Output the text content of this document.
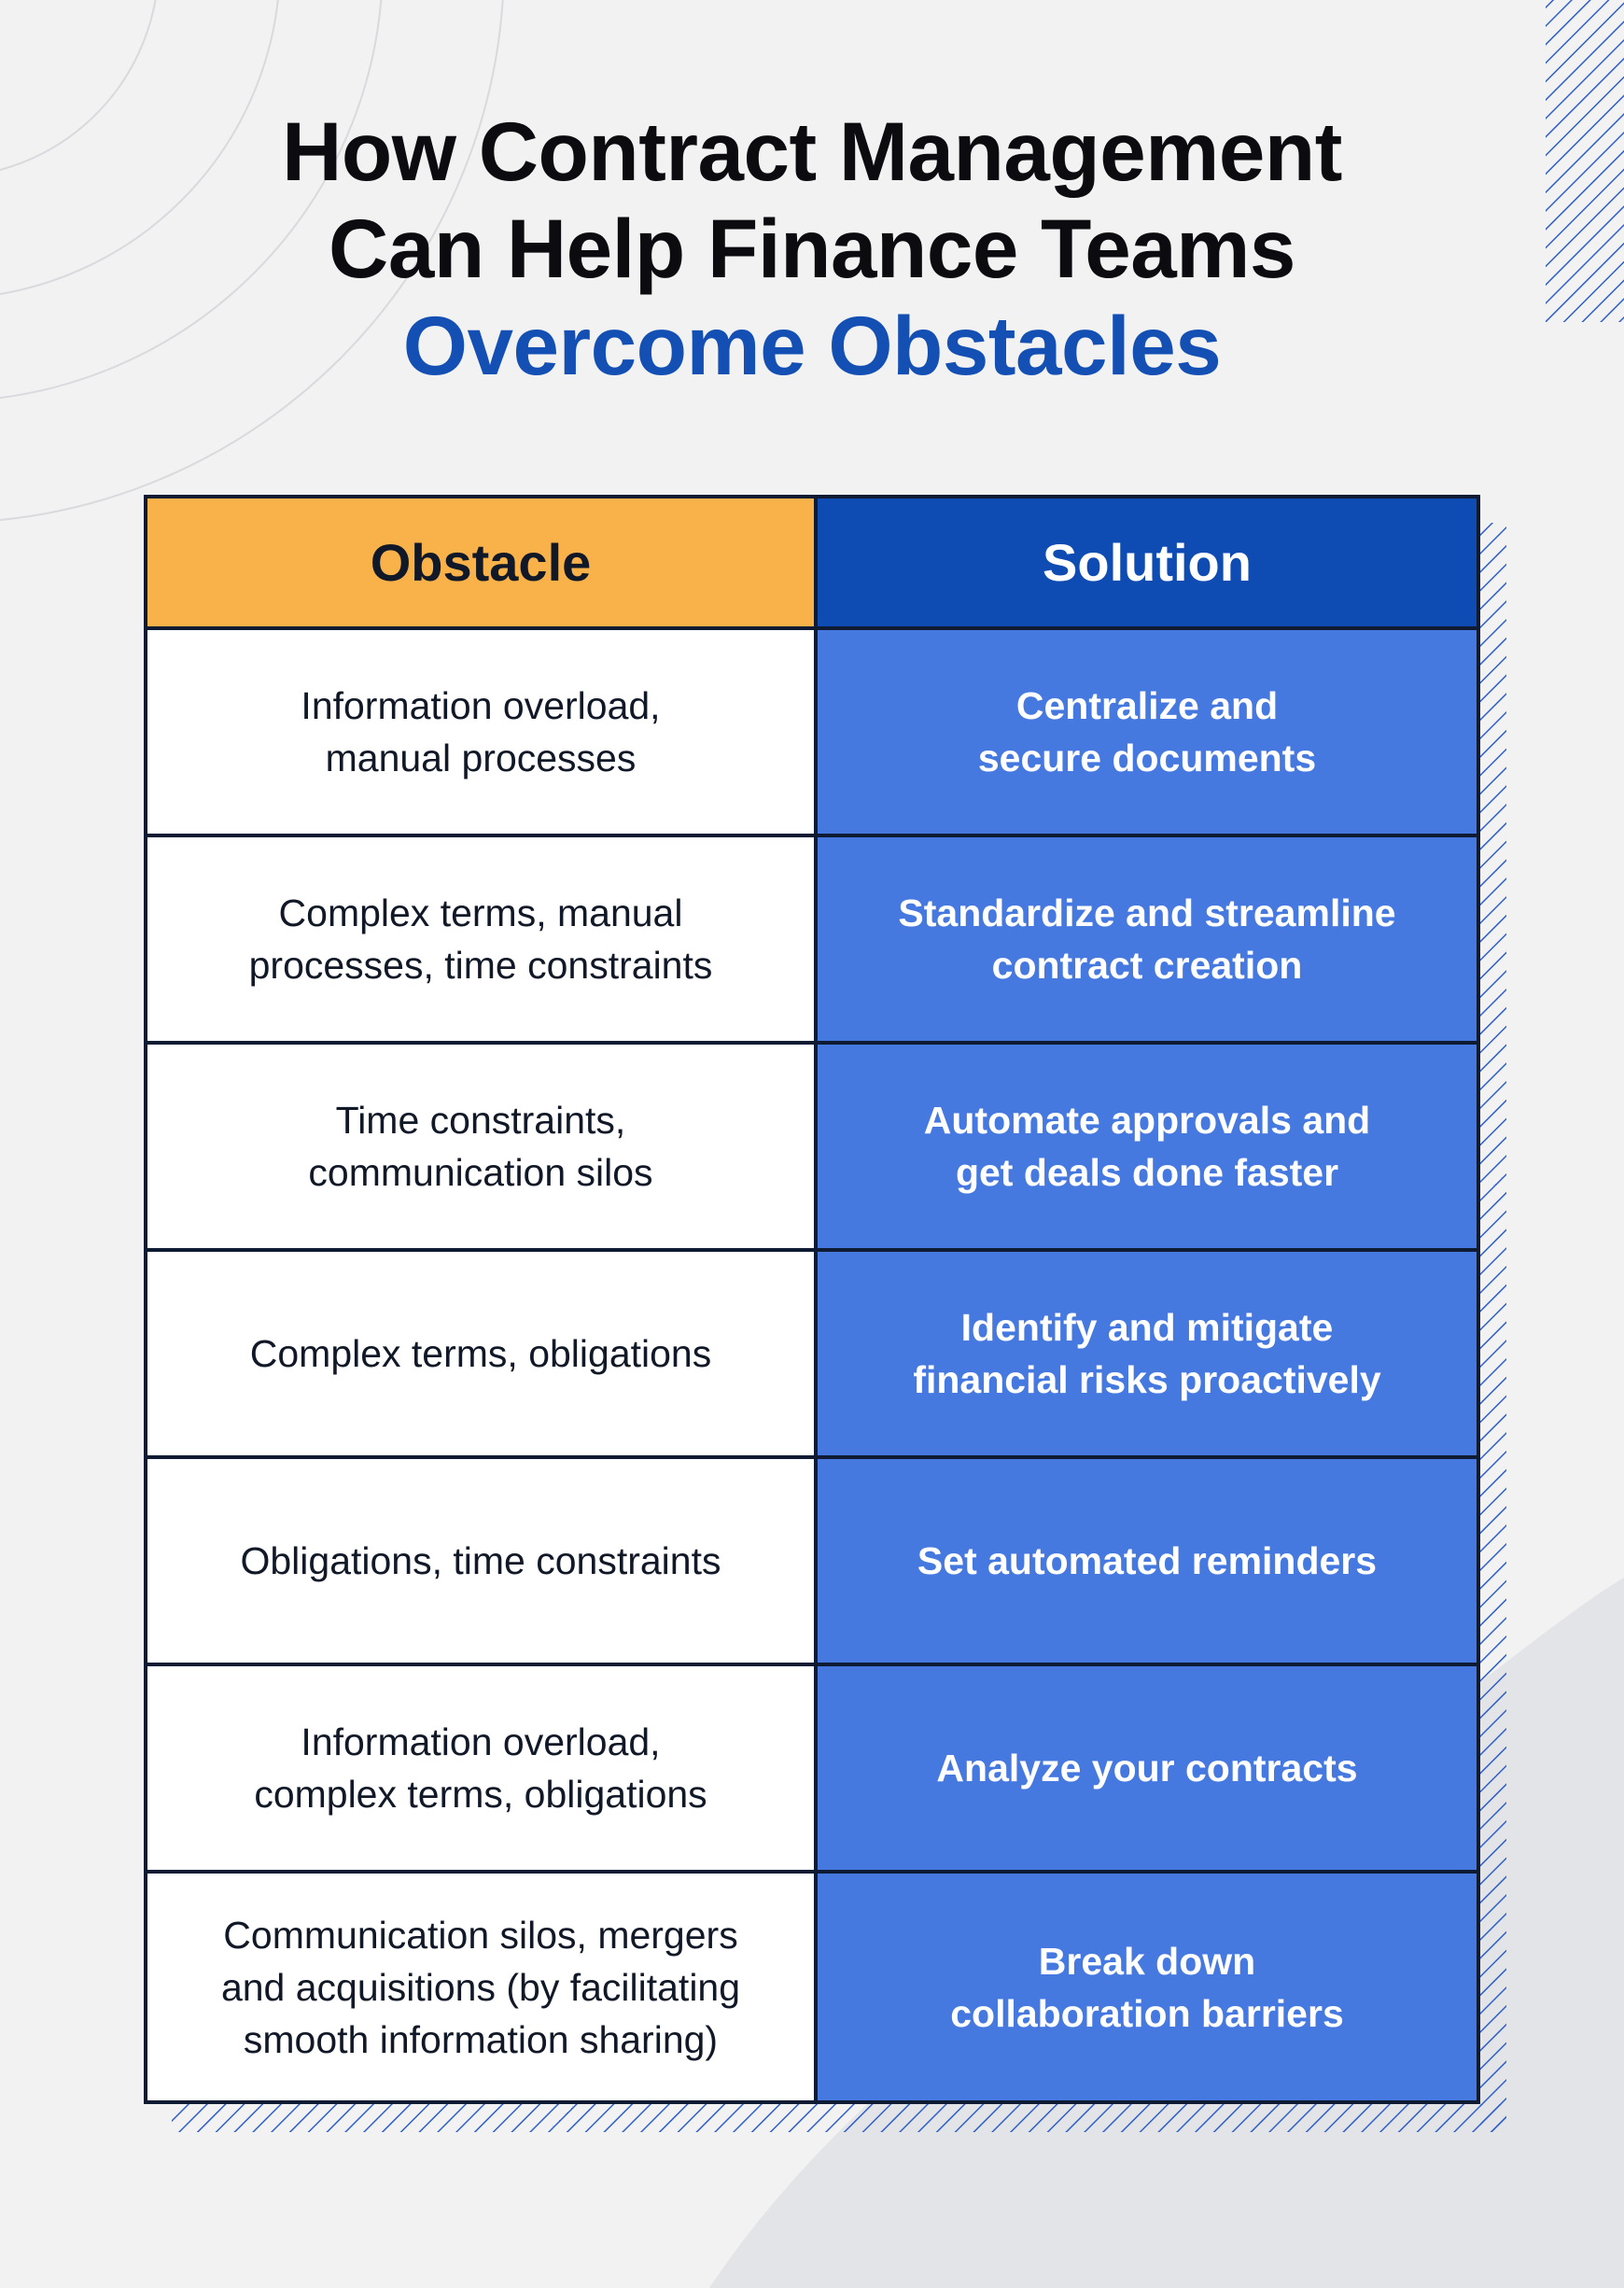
How Contract Management
Can Help Finance Teams
Overcome Obstacles
Obstacle	Solution
Information overload,
manual processes
Centralize and
secure documents
Complex terms, manual
processes, time constraints
Standardize and streamline
contract creation
Time constraints,
communication silos
Automate approvals and
get deals done faster
Complex terms, obligations
Identify and mitigate
financial risks proactively
Obligations, time constraints	Set automated reminders
Information overload,
complex terms, obligations
Analyze your contracts
Communication silos, mergers
and acquisitions (by facilitating
smooth information sharing)
Break down
collaboration barriers
